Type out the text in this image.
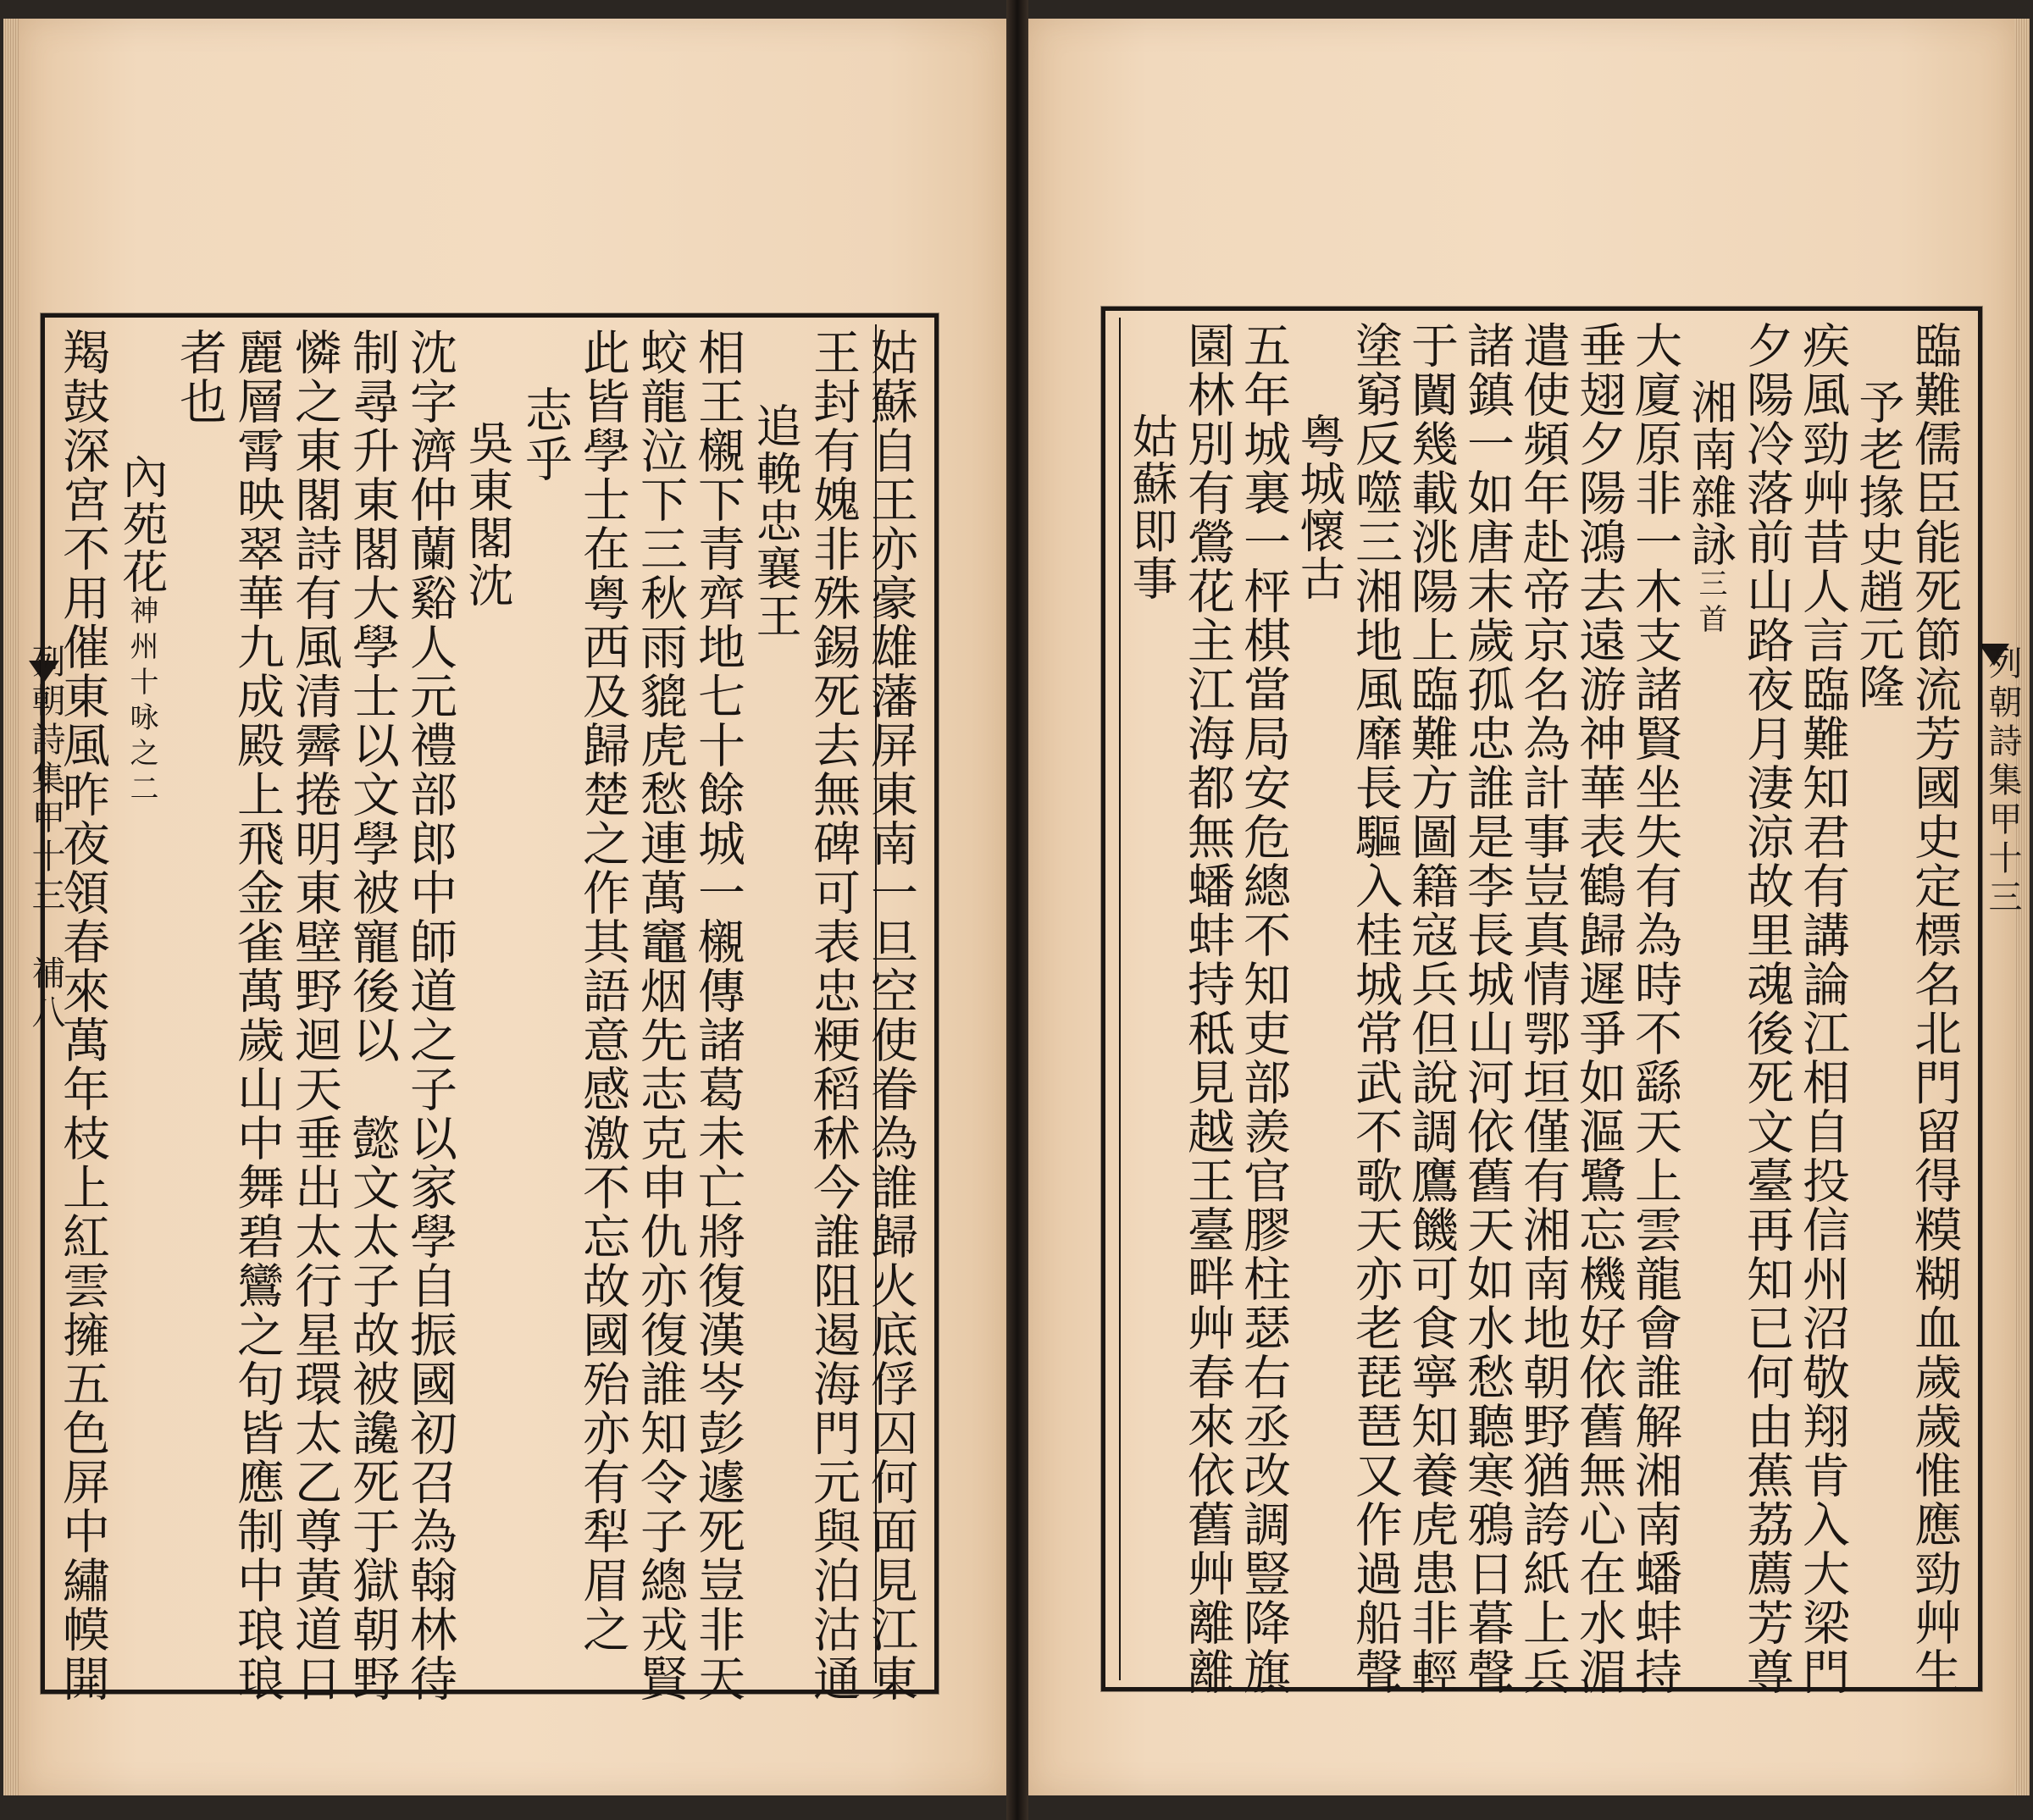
列朝詩集甲十三　補八	列朝詩集甲十三
姑蘇自王亦豪雄藩屏東南一旦空使眷為誰歸火底俘囚何面見江東
王封有媿非殊錫死去無碑可表忠粳稻秫今誰阻遏海門元與泊沽通
追輓忠襄王
相王櫬下青齊地七十餘城一櫬傳諸葛未亡將復漢岑彭遽死豈非天
蛟龍泣下三秋雨貔虎愁連萬竈烟先志克申仇亦復誰知令子總戎賢
此皆學士在粤西及歸楚之作其語意感激不忘故國殆亦有犁眉之
志乎
吳東閣沈
沈字濟仲蘭谿人元禮部郎中師道之子以家學自振國初召為翰林待
制尋升東閣大學士以文學被寵後以　懿文太子故被讒死于獄朝野
憐之東閣詩有風清霽捲明東壁野迴天垂出太行星環太乙尊黃道日
麗層霄映翠華九成殿上飛金雀萬歲山中舞碧鸞之句皆應制中琅琅
者也
內苑花神州十咏之二
羯鼓深宮不用催東風昨夜領春來萬年枝上紅雲擁五色屏中繡幙開	臨難儒臣能死節流芳國史定標名北門留得糢糊血歲歲惟應勁艸生
予老掾史趙元隆
疾風勁艸昔人言臨難知君有講論江相自投信州沼敬翔肯入大梁門
夕陽冷落前山路夜月淒涼故里魂後死文臺再知已何由蕉荔薦芳尊
湘南雜詠三首
大廈原非一木支諸賢坐失有為時不繇天上雲龍會誰解湘南蟠蚌持
垂翅夕陽鴻去遠游神華表鶴歸遲爭如漚鷺忘機好依舊無心在水湄
遣使頻年赴帝京名為計事豈真情鄂垣僅有湘南地朝野猶誇紙上兵
諸鎮一如唐末歲孤忠誰是李長城山河依舊天如水愁聽寒鴉日暮聲
于闐幾載洮陽上臨難方圖籍寇兵但說調鷹饑可食寧知養虎患非輕
塗窮反噬三湘地風靡長驅入桂城常武不歌天亦老琵琶又作過船聲
粤城懷古
五年城裏一枰棋當局安危總不知吏部羨官膠柱瑟右丞改調豎降旗
園林別有鶯花主江海都無蟠蚌持秪見越王臺畔艸春來依舊艸離離
姑蘇即事
